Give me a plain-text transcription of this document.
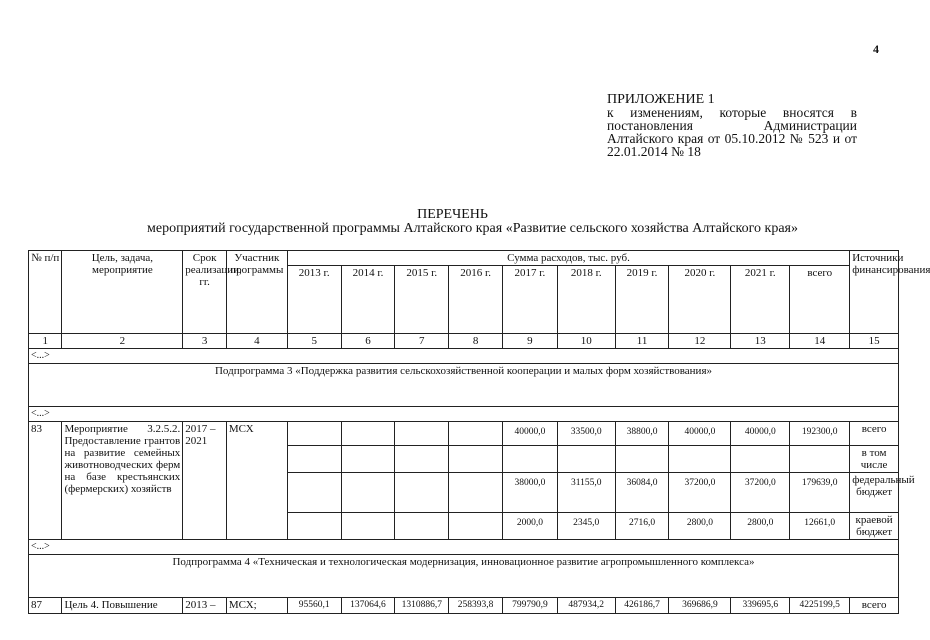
4
ПРИЛОЖЕНИЕ 1
к изменениям, которые вносятся в постановления Администрации Алтайского края от 05.10.2012 № 523 и от 22.01.2014 № 18
ПЕРЕЧЕНЬ
мероприятий государственной программы Алтайского края «Развитие сельского хозяйства Алтайского края»
№ п/п	Цель, задача, мероприятие	Срок реализации, гг.	Участник программы	Сумма расходов, тыс. руб.										Источники финансирования
				2013 г.	2014 г.	2015 г.	2016 г.	2017 г.	2018 г.	2019 г.	2020 г.	2021 г.	всего	
1	2	3	4	5	6	7	8	9	10	11	12	13	14	15
<...>														
Подпрограмма 3 «Поддержка развития сельскохозяйственной кооперации и малых форм хозяйствования»														
<...>														
83	Мероприятие 3.2.5.2. Предоставление грантов на развитие семейных животноводческих ферм на базе крестьянских (фермерских) хозяйств	2017 – 2021	МСХ					40000,0	33500,0	38800,0	40000,0	40000,0	192300,0	всего
														в том числе
								38000,0	31155,0	36084,0	37200,0	37200,0	179639,0	федеральный бюджет
								2000,0	2345,0	2716,0	2800,0	2800,0	12661,0	краевой бюджет
<...>														
Подпрограмма 4 «Техническая и технологическая модернизация, инновационное развитие агропромышленного комплекса»														
87	Цель 4. Повышение	2013 –	МСХ;	95560,1	137064,6	1310886,7	258393,8	799790,9	487934,2	426186,7	369686,9	339695,6	4225199,5	всего
